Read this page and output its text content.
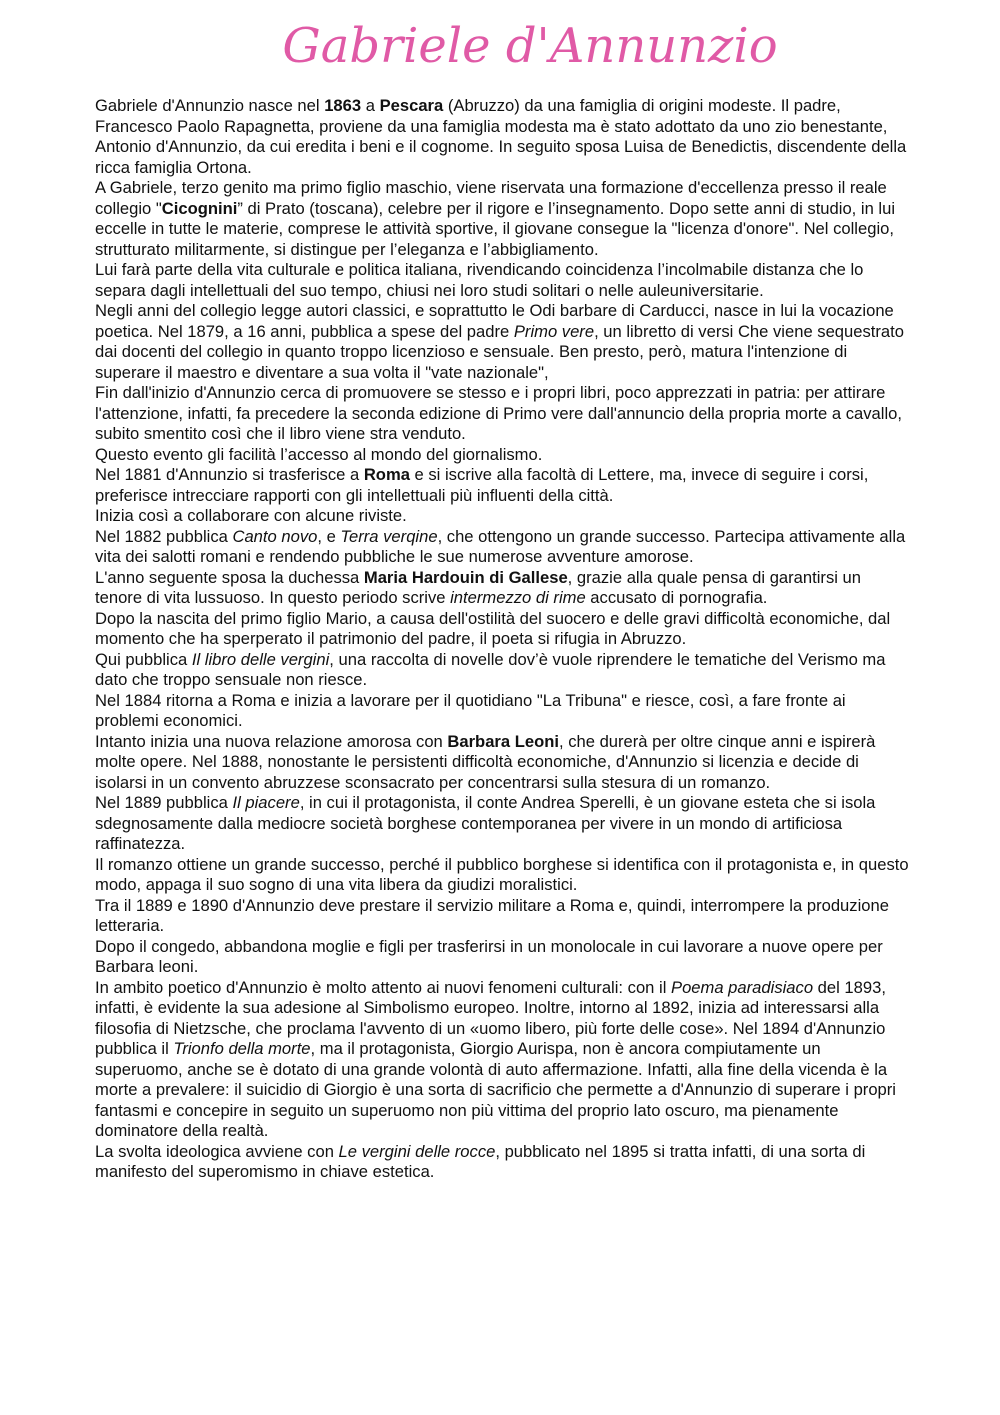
Gabriele d'Annunzio

Gabriele d'Annunzio nasce nel 1863 a Pescara (Abruzzo) da una famiglia di origini modeste. Il padre, Francesco Paolo Rapagnetta, proviene da una famiglia modesta ma è stato adottato da uno zio benestante, Antonio d'Annunzio, da cui eredita i beni e il cognome. In seguito sposa Luisa de Benedictis, discendente della ricca famiglia Ortona.

A Gabriele, terzo genito ma primo figlio maschio, viene riservata una formazione d'eccellenza presso il reale collegio "Cicognini” di Prato (toscana), celebre per il rigore e l’insegnamento. Dopo sette anni di studio, in lui eccelle in tutte le materie, comprese le attività sportive, il giovane consegue la "licenza d'onore". Nel collegio, strutturato militarmente, si distingue per l’eleganza e l’abbigliamento.

Lui farà parte della vita culturale e politica italiana, rivendicando coincidenza l’incolmabile distanza che lo separa dagli intellettuali del suo tempo, chiusi nei loro studi solitari o nelle auleuniversitarie.

Negli anni del collegio legge autori classici, e soprattutto le Odi barbare di Carducci, nasce in lui la vocazione poetica. Nel 1879, a 16 anni, pubblica a spese del padre Primo vere, un libretto di versi Che viene sequestrato dai docenti del collegio in quanto troppo licenzioso e sensuale. Ben presto, però, matura l'intenzione di superare il maestro e diventare a sua volta il "vate nazionale",

Fin dall'inizio d'Annunzio cerca di promuovere se stesso e i propri libri, poco apprezzati in patria: per attirare l'attenzione, infatti, fa precedere la seconda edizione di Primo vere dall'annuncio della propria morte a cavallo, subito smentito così che il libro viene stra venduto.

Questo evento gli facilità l’accesso al mondo del giornalismo.

Nel 1881 d'Annunzio si trasferisce a Roma e si iscrive alla facoltà di Lettere, ma, invece di seguire i corsi, preferisce intrecciare rapporti con gli intellettuali più influenti della città.

Inizia così a collaborare con alcune riviste.

Nel 1882 pubblica Canto novo, e Terra verqine, che ottengono un grande successo. Partecipa attivamente alla vita dei salotti romani e rendendo pubbliche le sue numerose avventure amorose.

L'anno seguente sposa la duchessa Maria Hardouin di Gallese, grazie alla quale pensa di garantirsi un tenore di vita lussuoso. In questo periodo scrive intermezzo di rime accusato di pornografia.

Dopo la nascita del primo figlio Mario, a causa dell'ostilità del suocero e delle gravi difficoltà economiche, dal momento che ha sperperato il patrimonio del padre, il poeta si rifugia in Abruzzo.

Qui pubblica Il libro delle vergini, una raccolta di novelle dov’è vuole riprendere le tematiche del Verismo ma dato che troppo sensuale non riesce.

Nel 1884 ritorna a Roma e inizia a lavorare per il quotidiano "La Tribuna" e riesce, così, a fare fronte ai problemi economici.

Intanto inizia una nuova relazione amorosa con Barbara Leoni, che durerà per oltre cinque anni e ispirerà molte opere. Nel 1888, nonostante le persistenti difficoltà economiche, d'Annunzio si licenzia e decide di isolarsi in un convento abruzzese sconsacrato per concentrarsi sulla stesura di un romanzo.

Nel 1889 pubblica Il piacere, in cui il protagonista, il conte Andrea Sperelli, è un giovane esteta che si isola sdegnosamente dalla mediocre società borghese contemporanea per vivere in un mondo di artificiosa raffinatezza.

Il romanzo ottiene un grande successo, perché il pubblico borghese si identifica con il protagonista e, in questo modo, appaga il suo sogno di una vita libera da giudizi moralistici.

Tra il 1889 e 1890 d'Annunzio deve prestare il servizio militare a Roma e, quindi, interrompere la produzione letteraria.

Dopo il congedo, abbandona moglie e figli per trasferirsi in un monolocale in cui lavorare a nuove opere per Barbara leoni.

In ambito poetico d'Annunzio è molto attento ai nuovi fenomeni culturali: con il Poema paradisiaco del 1893, infatti, è evidente la sua adesione al Simbolismo europeo. Inoltre, intorno al 1892, inizia ad interessarsi alla filosofia di Nietzsche, che proclama l'avvento di un «uomo libero, più forte delle cose». Nel 1894 d'Annunzio pubblica il Trionfo della morte, ma il protagonista, Giorgio Aurispa, non è ancora compiutamente un superuomo, anche se è dotato di una grande volontà di auto affermazione. Infatti, alla fine della vicenda è la morte a prevalere: il suicidio di Giorgio è una sorta di sacrificio che permette a d'Annunzio di superare i propri fantasmi e concepire in seguito un superuomo non più vittima del proprio lato oscuro, ma pienamente dominatore della realtà.

La svolta ideologica avviene con Le vergini delle rocce, pubblicato nel 1895 si tratta infatti, di una sorta di manifesto del superomismo in chiave estetica.
